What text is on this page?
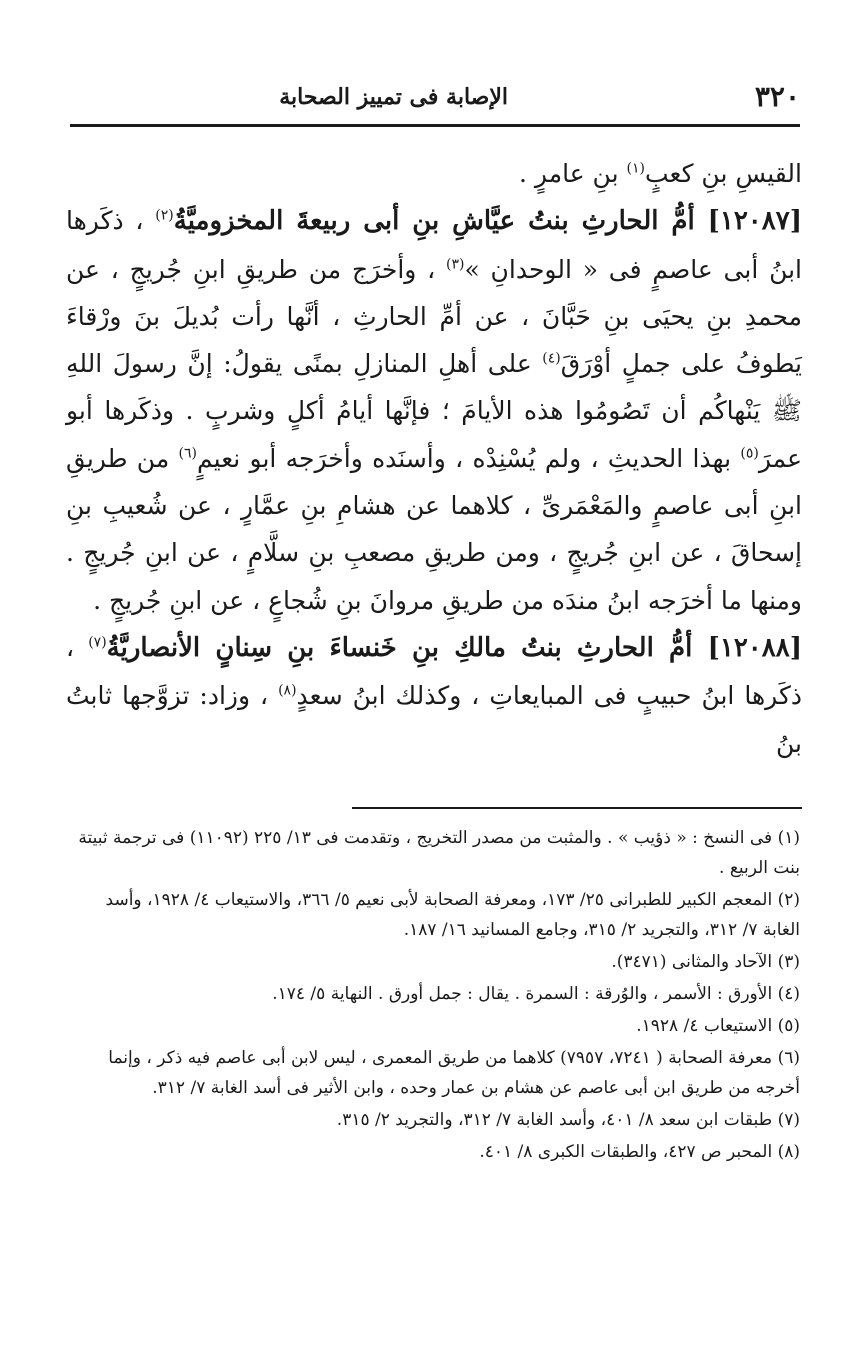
٣٢٠
الإصابة فى تمييز الصحابة

القيسِ بنِ كعبٍ$^{(١)}$ بنِ عامرٍ .

[١٢٠٨٧] أمُّ الحارثِ بنتُ عيَّاشِ بنِ أبى ربيعةَ المخزوميَّةُ$^{(٢)}$ ، ذكَرها ابنُ أبى عاصمٍ فى « الوحدانِ »$^{(٣)}$ ، وأخرَج من طريقِ ابنِ جُريجٍ ، عن محمدِ بنِ يحيَى بنِ حَبَّانَ ، عن أمِّ الحارثِ ، أنَّها رأت بُديلَ بنَ ورْقاءَ يَطوفُ على جملٍ أوْرَقَ$^{(٤)}$ على أهلِ المنازلِ بمنًى يقولُ: إنَّ رسولَ اللهِ ﷺ يَنْهاكُم أن تَصُومُوا هذه الأيامَ ؛ فإنَّها أيامُ أكلٍ وشربٍ . وذكَرها أبو عمرَ$^{(٥)}$ بهذا الحديثِ ، ولم يُسْنِدْه ، وأسنَده وأخرَجه أبو نعيمٍ$^{(٦)}$ من طريقِ ابنِ أبى عاصمٍ والمَعْمَرىِّ ، كلاهما عن هشامِ بنِ عمَّارٍ ، عن شُعيبِ بنِ إسحاقَ ، عن ابنِ جُريجٍ ، ومن طريقِ مصعبِ بنِ سلَّامٍ ، عن ابنِ جُريجٍ . ومنها ما أخرَجه ابنُ مندَه من طريقِ مروانَ بنِ شُجاعٍ ، عن ابنِ جُريجٍ .

[١٢٠٨٨] أمُّ الحارثِ بنتُ مالكِ بنِ خَنساءَ بنِ سِنانٍ الأنصاريَّةُ$^{(٧)}$ ، ذكَرها ابنُ حبيبٍ فى المبايعاتِ ، وكذلك ابنُ سعدٍ$^{(٨)}$ ، وزاد: تزوَّجها ثابتُ بنُ

(١) فى النسخ : « ذؤيب » . والمثبت من مصدر التخريج ، وتقدمت فى ١٣/ ٢٢٥ (١١٠٩٢) فى ترجمة ثبيتة بنت الربيع .

(٢) المعجم الكبير للطبرانى ٢٥/ ١٧٣، ومعرفة الصحابة لأبى نعيم ٥/ ٣٦٦، والاستيعاب ٤/ ١٩٢٨، وأسد الغابة ٧/ ٣١٢، والتجريد ٢/ ٣١٥، وجامع المسانيد ١٦/ ١٨٧.

(٣) الآحاد والمثانى (٣٤٧١).

(٤) الأورق : الأسمر ، والوُرقة : السمرة . يقال : جمل أورق . النهاية ٥/ ١٧٤.

(٥) الاستيعاب ٤/ ١٩٢٨.

(٦) معرفة الصحابة ( ٧٢٤١، ٧٩٥٧) كلاهما من طريق المعمرى ، ليس لابن أبى عاصم فيه ذكر ، وإنما أخرجه من طريق ابن أبى عاصم عن هشام بن عمار وحده ، وابن الأثير فى أسد الغابة ٧/ ٣١٢.

(٧) طبقات ابن سعد ٨/ ٤٠١، وأسد الغابة ٧/ ٣١٢، والتجريد ٢/ ٣١٥.

(٨) المحبر ص ٤٢٧، والطبقات الكبرى ٨/ ٤٠١.
